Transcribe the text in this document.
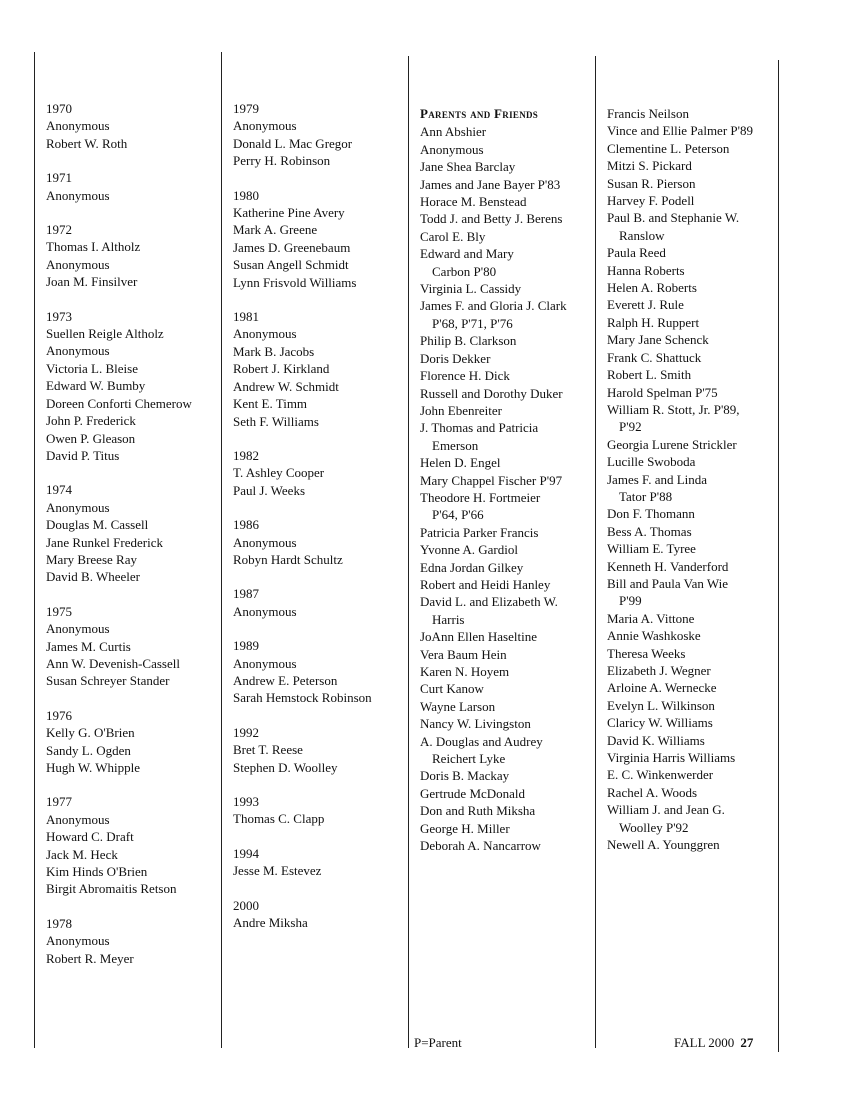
1970
Anonymous
Robert W. Roth
1971
Anonymous
1972
Thomas I. Altholz
Anonymous
Joan M. Finsilver
1973
Suellen Reigle Altholz
Anonymous
Victoria L. Bleise
Edward W. Bumby
Doreen Conforti Chemerow
John P. Frederick
Owen P. Gleason
David P. Titus
1974
Anonymous
Douglas M. Cassell
Jane Runkel Frederick
Mary Breese Ray
David B. Wheeler
1975
Anonymous
James M. Curtis
Ann W. Devenish-Cassell
Susan Schreyer Stander
1976
Kelly G. O'Brien
Sandy L. Ogden
Hugh W. Whipple
1977
Anonymous
Howard C. Draft
Jack M. Heck
Kim Hinds O'Brien
Birgit Abromaitis Retson
1978
Anonymous
Robert R. Meyer
1979
Anonymous
Donald L. Mac Gregor
Perry H. Robinson
1980
Katherine Pine Avery
Mark A. Greene
James D. Greenebaum
Susan Angell Schmidt
Lynn Frisvold Williams
1981
Anonymous
Mark B. Jacobs
Robert J. Kirkland
Andrew W. Schmidt
Kent E. Timm
Seth F. Williams
1982
T. Ashley Cooper
Paul J. Weeks
1986
Anonymous
Robyn Hardt Schultz
1987
Anonymous
1989
Anonymous
Andrew E. Peterson
Sarah Hemstock Robinson
1992
Bret T. Reese
Stephen D. Woolley
1993
Thomas C. Clapp
1994
Jesse M. Estevez
2000
Andre Miksha
Parents and Friends
Ann Abshier
Anonymous
Jane Shea Barclay
James and Jane Bayer P'83
Horace M. Benstead
Todd J. and Betty J. Berens
Carol E. Bly
Edward and Mary
Carbon P'80
Virginia L. Cassidy
James F. and Gloria J. Clark
P'68, P'71, P'76
Philip B. Clarkson
Doris Dekker
Florence H. Dick
Russell and Dorothy Duker
John Ebenreiter
J. Thomas and Patricia
Emerson
Helen D. Engel
Mary Chappel Fischer P'97
Theodore H. Fortmeier
P'64, P'66
Patricia Parker Francis
Yvonne A. Gardiol
Edna Jordan Gilkey
Robert and Heidi Hanley
David L. and Elizabeth W.
Harris
JoAnn Ellen Haseltine
Vera Baum Hein
Karen N. Hoyem
Curt Kanow
Wayne Larson
Nancy W. Livingston
A. Douglas and Audrey
Reichert Lyke
Doris B. Mackay
Gertrude McDonald
Don and Ruth Miksha
George H. Miller
Deborah A. Nancarrow
Francis Neilson
Vince and Ellie Palmer P'89
Clementine L. Peterson
Mitzi S. Pickard
Susan R. Pierson
Harvey F. Podell
Paul B. and Stephanie W.
Ranslow
Paula Reed
Hanna Roberts
Helen A. Roberts
Everett J. Rule
Ralph H. Ruppert
Mary Jane Schenck
Frank C. Shattuck
Robert L. Smith
Harold Spelman P'75
William R. Stott, Jr. P'89,
P'92
Georgia Lurene Strickler
Lucille Swoboda
James F. and Linda
Tator P'88
Don F. Thomann
Bess A. Thomas
William E. Tyree
Kenneth H. Vanderford
Bill and Paula Van Wie
P'99
Maria A. Vittone
Annie Washkoske
Theresa Weeks
Elizabeth J. Wegner
Arloine A. Wernecke
Evelyn L. Wilkinson
Claricy W. Williams
David K. Williams
Virginia Harris Williams
E. C. Winkenwerder
Rachel A. Woods
William J. and Jean G.
Woolley P'92
Newell A. Younggren
P=Parent	FALL 2000 27
